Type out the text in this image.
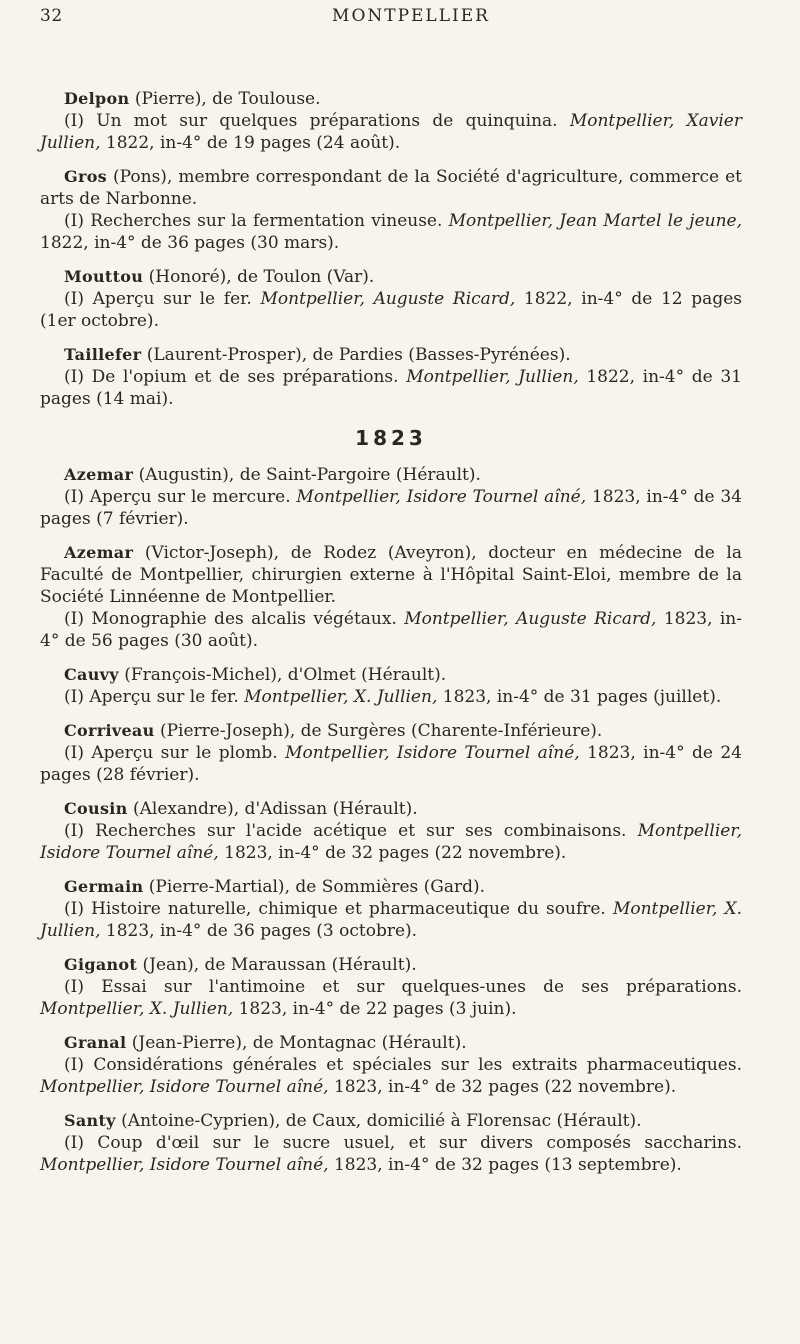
32	MONTPELLIER

Delpon (Pierre), de Toulouse.

(I) Un mot sur quelques préparations de quinquina. Montpellier, Xavier Jullien, 1822, in-4° de 19 pages (24 août).

Gros (Pons), membre correspondant de la Société d'agriculture, commerce et arts de Narbonne.

(I) Recherches sur la fermentation vineuse. Montpellier, Jean Martel le jeune, 1822, in-4° de 36 pages (30 mars).

Mouttou (Honoré), de Toulon (Var).

(I) Aperçu sur le fer. Montpellier, Auguste Ricard, 1822, in-4° de 12 pages (1er octobre).

Taillefer (Laurent-Prosper), de Pardies (Basses-Pyrénées).

(I) De l'opium et de ses préparations. Montpellier, Jullien, 1822, in-4° de 31 pages (14 mai).

1823

Azemar (Augustin), de Saint-Pargoire (Hérault).

(I) Aperçu sur le mercure. Montpellier, Isidore Tournel aîné, 1823, in-4° de 34 pages (7 février).

Azemar (Victor-Joseph), de Rodez (Aveyron), docteur en médecine de la Faculté de Montpellier, chirurgien externe à l'Hôpital Saint-Eloi, membre de la Société Linnéenne de Montpellier.

(I) Monographie des alcalis végétaux. Montpellier, Auguste Ricard, 1823, in-4° de 56 pages (30 août).

Cauvy (François-Michel), d'Olmet (Hérault).

(I) Aperçu sur le fer. Montpellier, X. Jullien, 1823, in-4° de 31 pages (juillet).

Corriveau (Pierre-Joseph), de Surgères (Charente-Inférieure).

(I) Aperçu sur le plomb. Montpellier, Isidore Tournel aîné, 1823, in-4° de 24 pages (28 février).

Cousin (Alexandre), d'Adissan (Hérault).

(I) Recherches sur l'acide acétique et sur ses combinaisons. Montpellier, Isidore Tournel aîné, 1823, in-4° de 32 pages (22 novembre).

Germain (Pierre-Martial), de Sommières (Gard).

(I) Histoire naturelle, chimique et pharmaceutique du soufre. Montpellier, X. Jullien, 1823, in-4° de 36 pages (3 octobre).

Giganot (Jean), de Maraussan (Hérault).

(I) Essai sur l'antimoine et sur quelques-unes de ses préparations. Montpellier, X. Jullien, 1823, in-4° de 22 pages (3 juin).

Granal (Jean-Pierre), de Montagnac (Hérault).

(I) Considérations générales et spéciales sur les extraits pharmaceutiques. Montpellier, Isidore Tournel aîné, 1823, in-4° de 32 pages (22 novembre).

Santy (Antoine-Cyprien), de Caux, domicilié à Florensac (Hérault).

(I) Coup d'œil sur le sucre usuel, et sur divers composés saccharins. Montpellier, Isidore Tournel aîné, 1823, in-4° de 32 pages (13 septembre).
